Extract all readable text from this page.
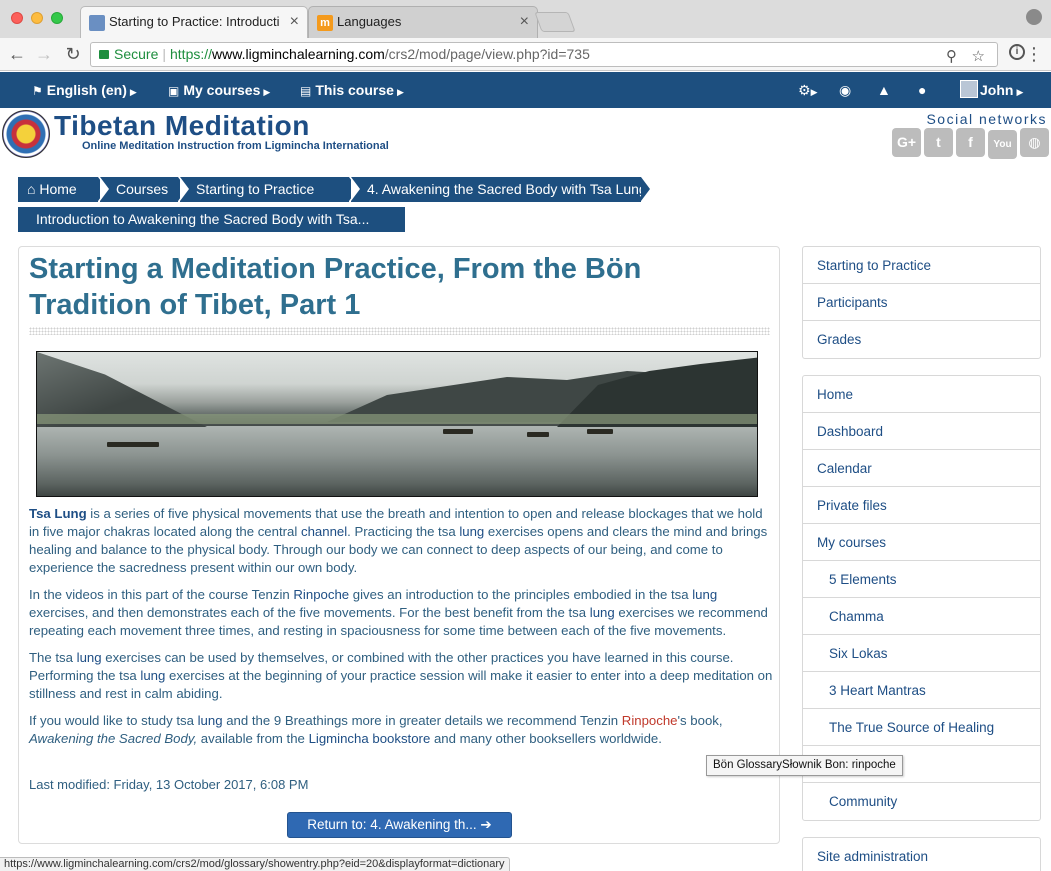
Starting to Practice: Introducti × m Languages	×
← → ↻	Secure | https://www.ligminchalearning.com/crs2/mod/page/view.php?id=735	⚲ ☆	i ⋮
⚑ English (en) ▶	▣ My courses ▶ ▤ This course ▶	⚙▶ ◉ ▲ ●	John ▶
Tibetan Meditation
Online Meditation Instruction from Ligmincha International
Social networks
G+ t f You ◍
⌂ Home	Courses	Starting to Practice	4. Awakening the Sacred Body with Tsa Lung
Introduction to Awakening the Sacred Body with Tsa...
Starting a Meditation Practice, From the Bön Tradition of Tibet, Part 1

Tsa Lung is a series of five physical movements that use the breath and intention to open and release blockages that we hold in five major chakras located along the central channel. Practicing the tsa lung exercises opens and clears the mind and brings healing and balance to the physical body. Through our body we can connect to deep aspects of our being, and come to experience the sacredness present within our own body.

In the videos in this part of the course Tenzin Rinpoche gives an introduction to the principles embodied in the tsa lung exercises, and then demonstrates each of the five movements. For the best benefit from the tsa lung exercises we recommend repeating each movement three times, and resting in spaciousness for some time between each of the five movements.

The tsa lung exercises can be used by themselves, or combined with the other practices you have learned in this course. Performing the tsa lung exercises at the beginning of your practice session will make it easier to enter into a deep meditation on stillness and rest in calm abiding.

If you would like to study tsa lung and the 9 Breathings more in greater details we recommend Tenzin Rinpoche's book, Awakening the Sacred Body, available from the Ligmincha bookstore and many other booksellers worldwide.

Last modified: Friday, 13 October 2017, 6:08 PM
Return to: 4. Awakening th... ➔
Starting to Practice
Participants
Grades
Home
Dashboard
Calendar
Private files
My courses
5 Elements
Chamma
Six Lokas
3 Heart Mantras
The True Source of Healing
Community
Site administration
Bön GlossarySłownik Bon: rinpoche
https://www.ligminchalearning.com/crs2/mod/glossary/showentry.php?eid=20&displayformat=dictionary
